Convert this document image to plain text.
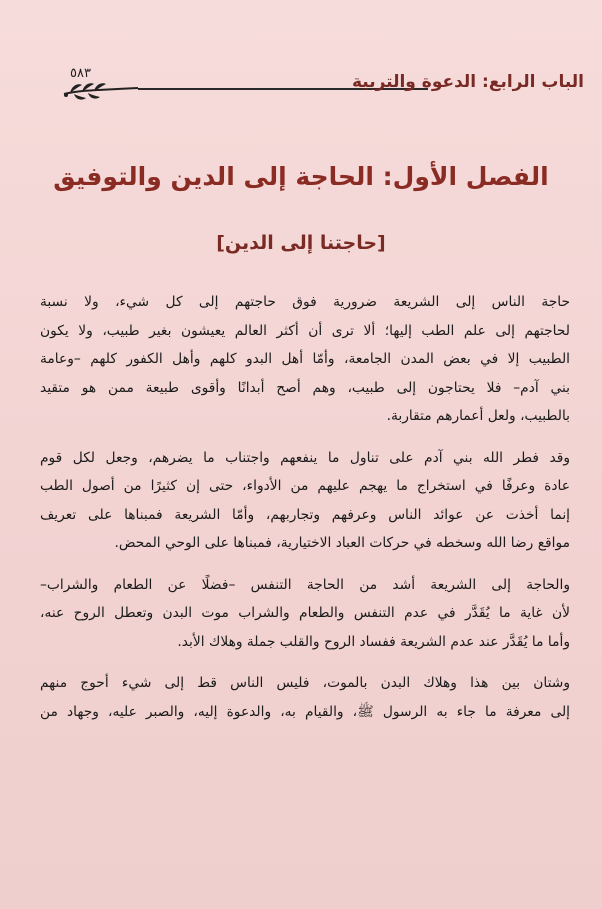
٥٨٣	الباب الرابع: الدعوة والتربية
الفصل الأول: الحاجة إلى الدين والتوفيق
[حاجتنا إلى الدين]
حاجة الناس إلى الشريعة ضرورية فوق حاجتهم إلى كل شيء، ولا نسبة
لحاجتهم إلى علم الطب إليها؛ ألا ترى أن أكثر العالم يعيشون بغير طبيب، ولا يكون
الطبيب إلا في بعض المدن الجامعة، وأمّا أهل البدو كلهم وأهل الكفور كلهم –وعامة
بني آدم– فلا يحتاجون إلى طبيب، وهم أصح أبدانًا وأقوى طبيعة ممن هو متقيد
بالطبيب، ولعل أعمارهم متقاربة.
وقد فطر الله بني آدم على تناول ما ينفعهم واجتناب ما يضرهم، وجعل لكل قوم
عادة وعرفًا في استخراج ما يهجم عليهم من الأدواء، حتى إن كثيرًا من أصول الطب
إنما أخذت عن عوائد الناس وعرفهم وتجاربهم، وأمّا الشريعة فمبناها على تعريف
مواقع رضا الله وسخطه في حركات العباد الاختيارية، فمبناها على الوحي المحض.
والحاجة إلى الشريعة أشد من الحاجة التنفس –فضلًا عن الطعام والشراب–
لأن غاية ما يُقَدَّر في عدم التنفس والطعام والشراب موت البدن وتعطل الروح عنه،
وأما ما يُقَدَّر عند عدم الشريعة ففساد الروح والقلب جملة وهلاك الأبد.
وشتان بين هذا وهلاك البدن بالموت، فليس الناس قط إلى شيء أحوج منهم
إلى معرفة ما جاء به الرسول ﷺ، والقيام به، والدعوة إليه، والصبر عليه، وجهاد من
